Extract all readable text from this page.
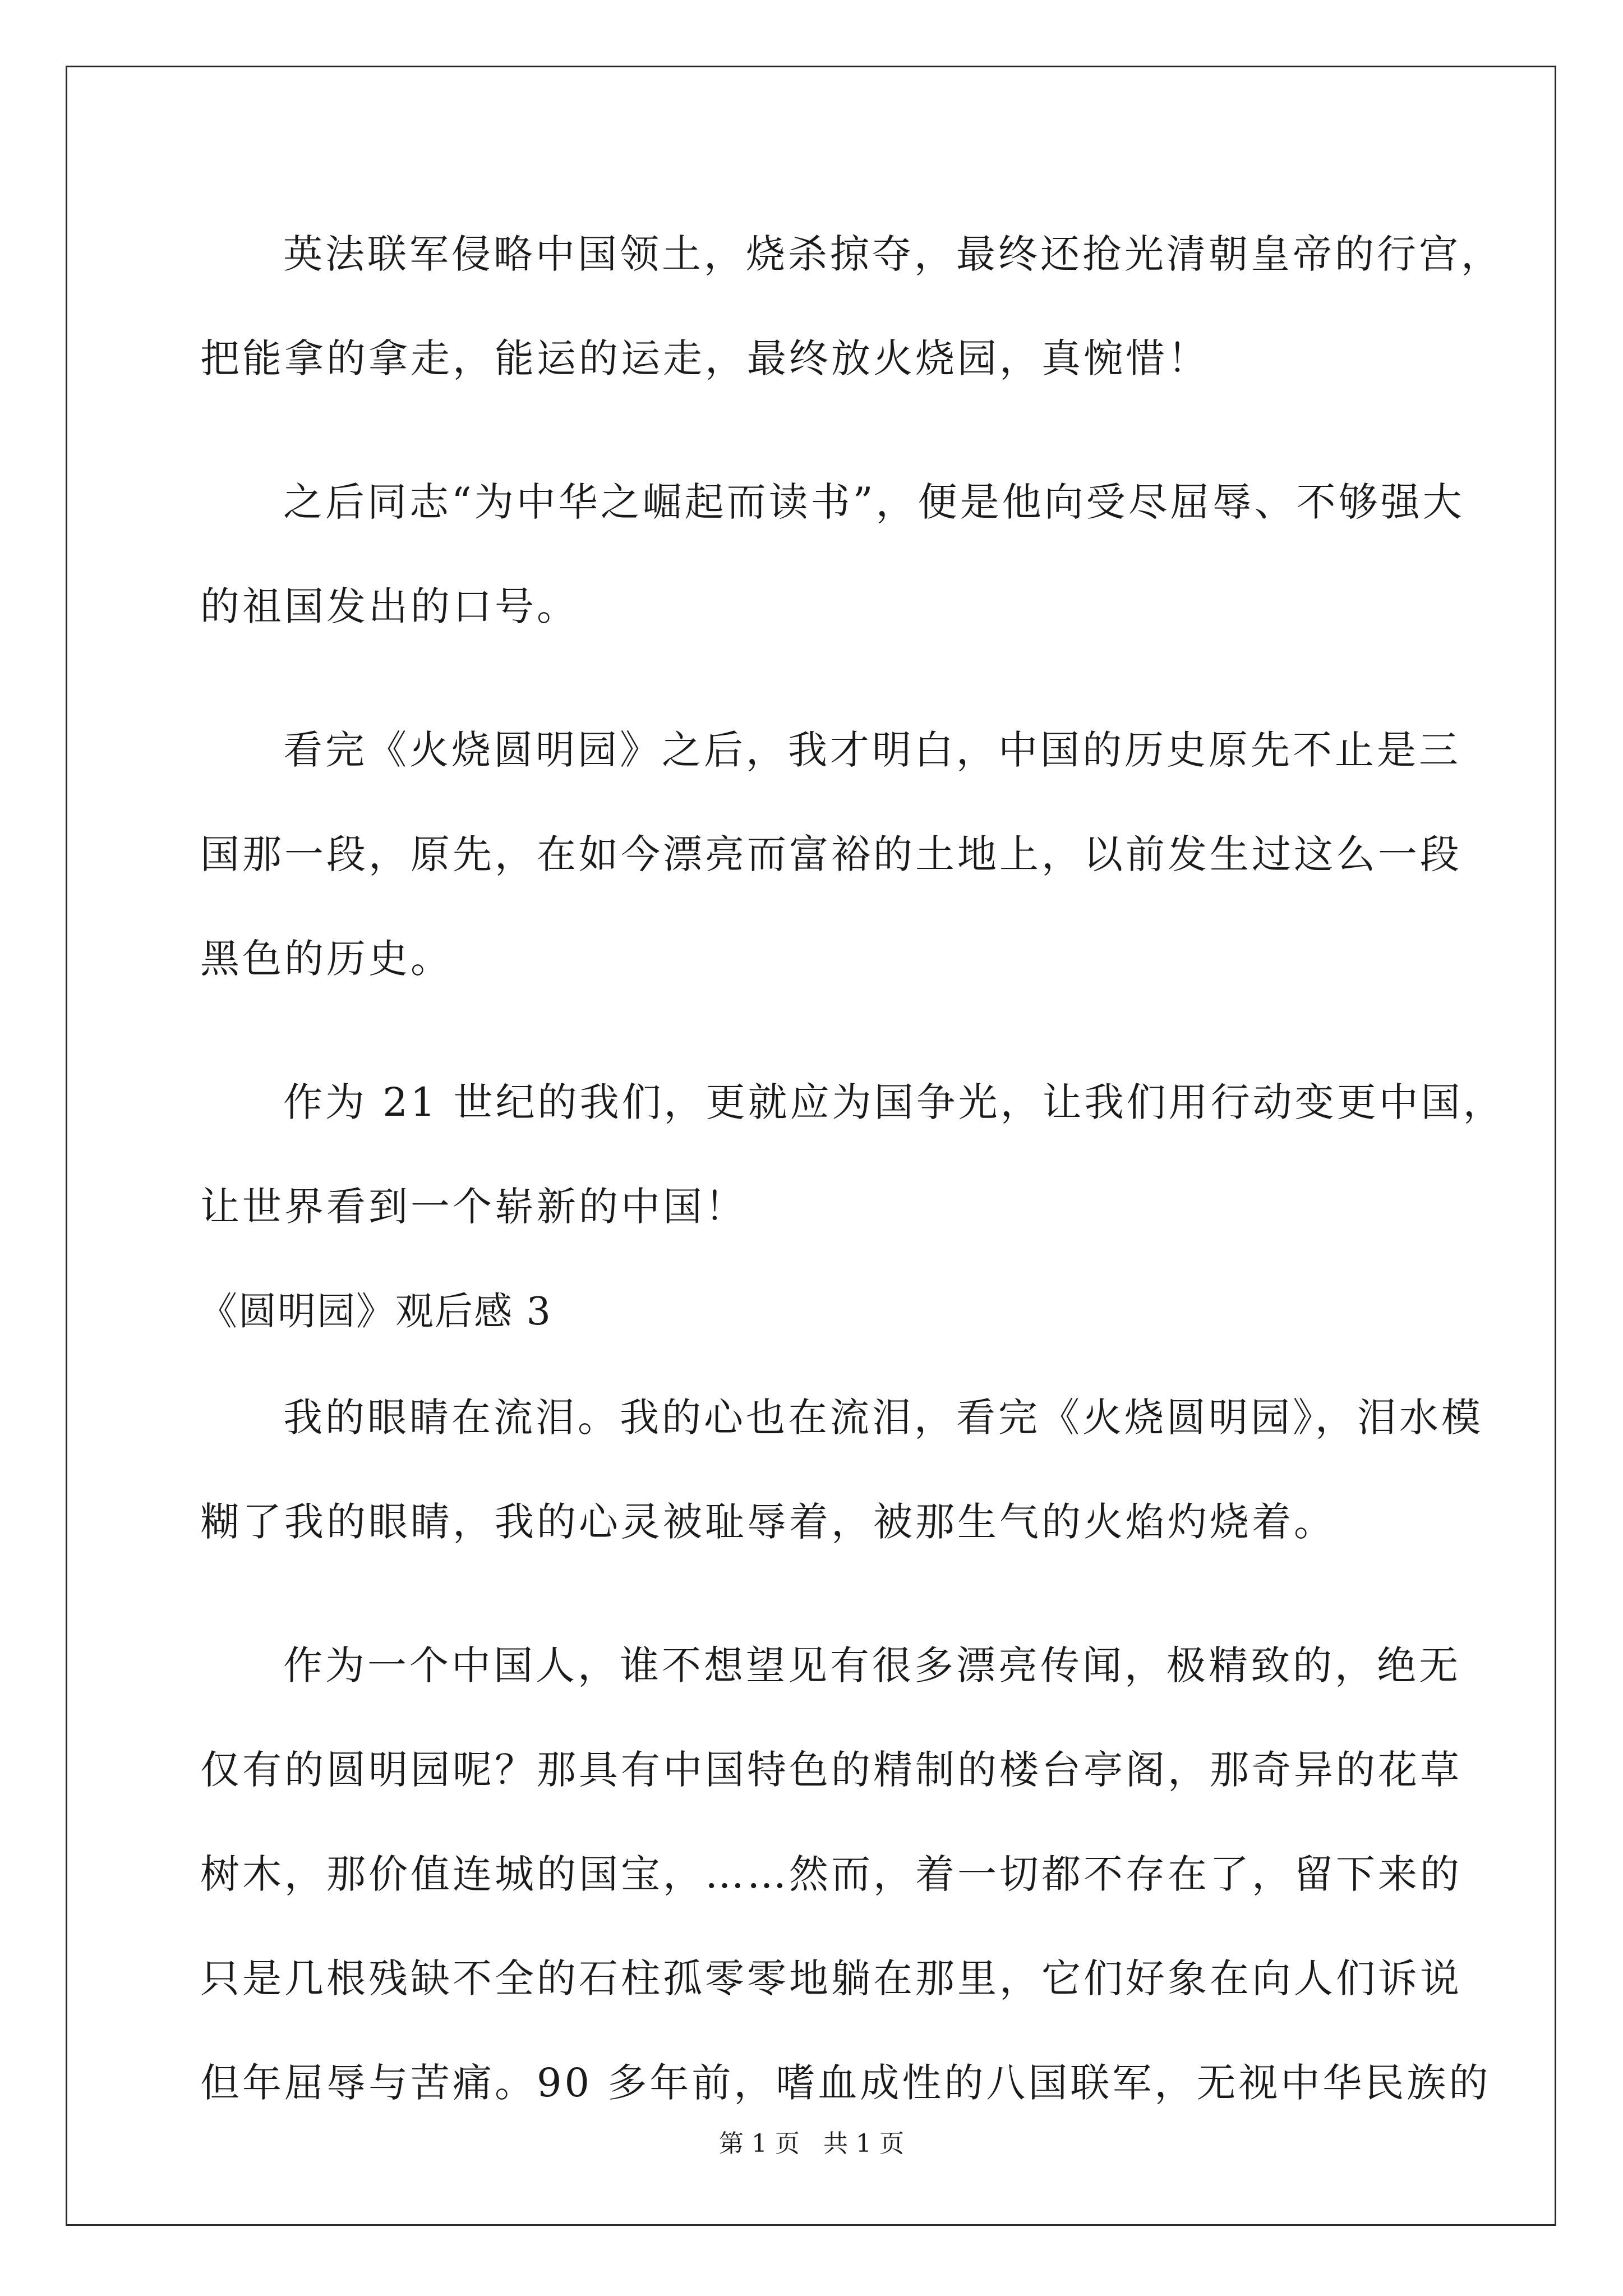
英法联军侵略中国领土，烧杀掠夺，最终还抢光清朝皇帝的行宫，
把能拿的拿走，能运的运走，最终放火烧园，真惋惜！
之后同志“为中华之崛起而读书”，便是他向受尽屈辱、不够强大
的祖国发出的口号。
看完《火烧圆明园》之后，我才明白，中国的历史原先不止是三
国那一段，原先，在如今漂亮而富裕的土地上，以前发生过这么一段
黑色的历史。
作为 21 世纪的我们，更就应为国争光，让我们用行动变更中国，
让世界看到一个崭新的中国！
《圆明园》观后感 3
我的眼睛在流泪。我的心也在流泪，看完《火烧圆明园》，泪水模
糊了我的眼睛，我的心灵被耻辱着，被那生气的火焰灼烧着。
作为一个中国人，谁不想望见有很多漂亮传闻，极精致的，绝无
仅有的圆明园呢？那具有中国特色的精制的楼台亭阁，那奇异的花草
树木，那价值连城的国宝，……然而，着一切都不存在了，留下来的
只是几根残缺不全的石柱孤零零地躺在那里，它们好象在向人们诉说
但年屈辱与苦痛。90 多年前，嗜血成性的八国联军，无视中华民族的
第 1 页   共 1 页
